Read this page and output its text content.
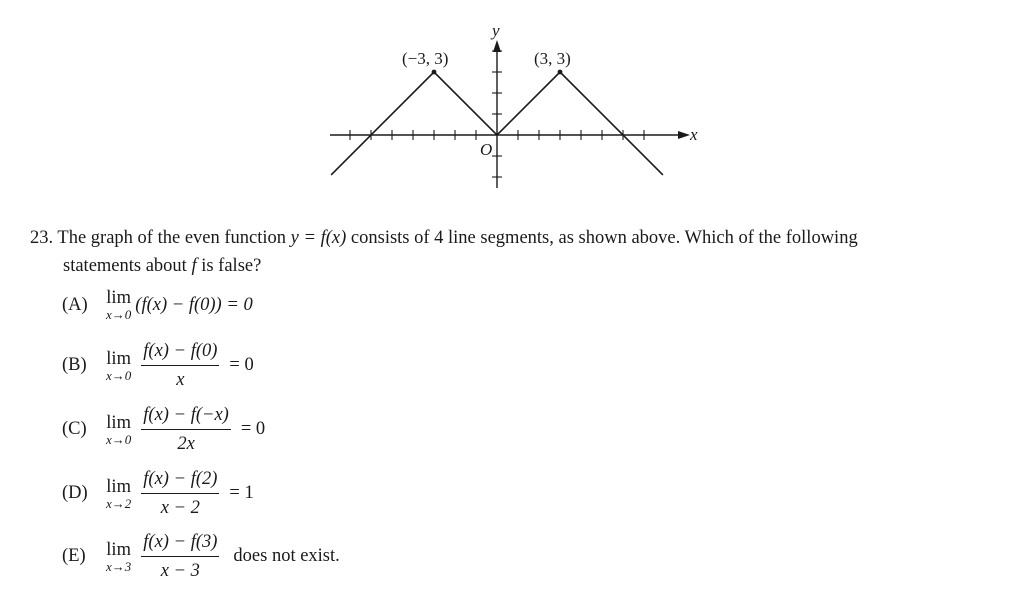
y
x
O
(−3, 3)	(3, 3)
23. The graph of the even function y = f(x) consists of 4 line segments, as shown above. Which of the following
statements about f is false?
(A)	lim
x→0 (f(x) − f(0)) = 0
(B)	lim
$x\to 0 \frac{f(x) - f(0)}{x} = 0$
(C)	lim
$x\to 0 \frac{f(x) - f(-x)}{2x} = 0$
(D)	lim
$x\to 2 \frac{f(x) - f(2)}{x - 2} = 1$
(E)	lim
$x\to 3 \frac{f(x) - f(3)}{x - 3}$ does not exist.
